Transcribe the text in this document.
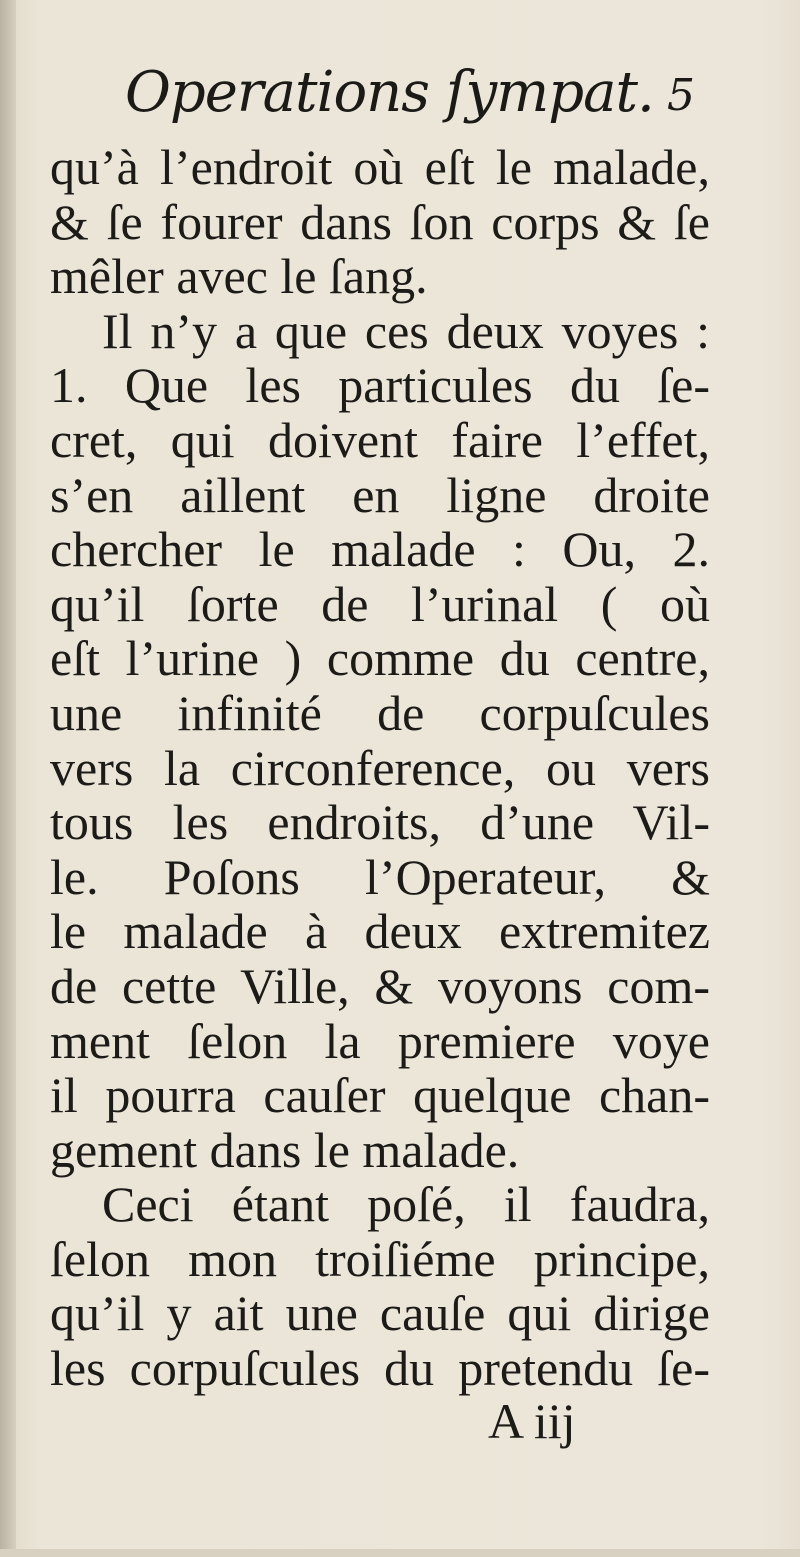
Operations ſympat. 5
qu’à l’endroit où eſt le malade,
& ſe fourer dans ſon corps & ſe
mêler avec le ſang.
Il n’y a que ces deux voyes :
1. Que les particules du ſe-
cret, qui doivent faire l’effet,
s’en aillent en ligne droite
chercher le malade : Ou, 2.
qu’il ſorte de l’urinal ( où
eſt l’urine ) comme du centre,
une infinité de corpuſcules
vers la circonference, ou vers
tous les endroits, d’une Vil-
le. Poſons l’Operateur, &
le malade à deux extremitez
de cette Ville, & voyons com-
ment ſelon la premiere voye
il pourra cauſer quelque chan-
gement dans le malade.
Ceci étant poſé, il faudra,
ſelon mon troiſiéme principe,
qu’il y ait une cauſe qui dirige
les corpuſcules du pretendu ſe-
A iij
